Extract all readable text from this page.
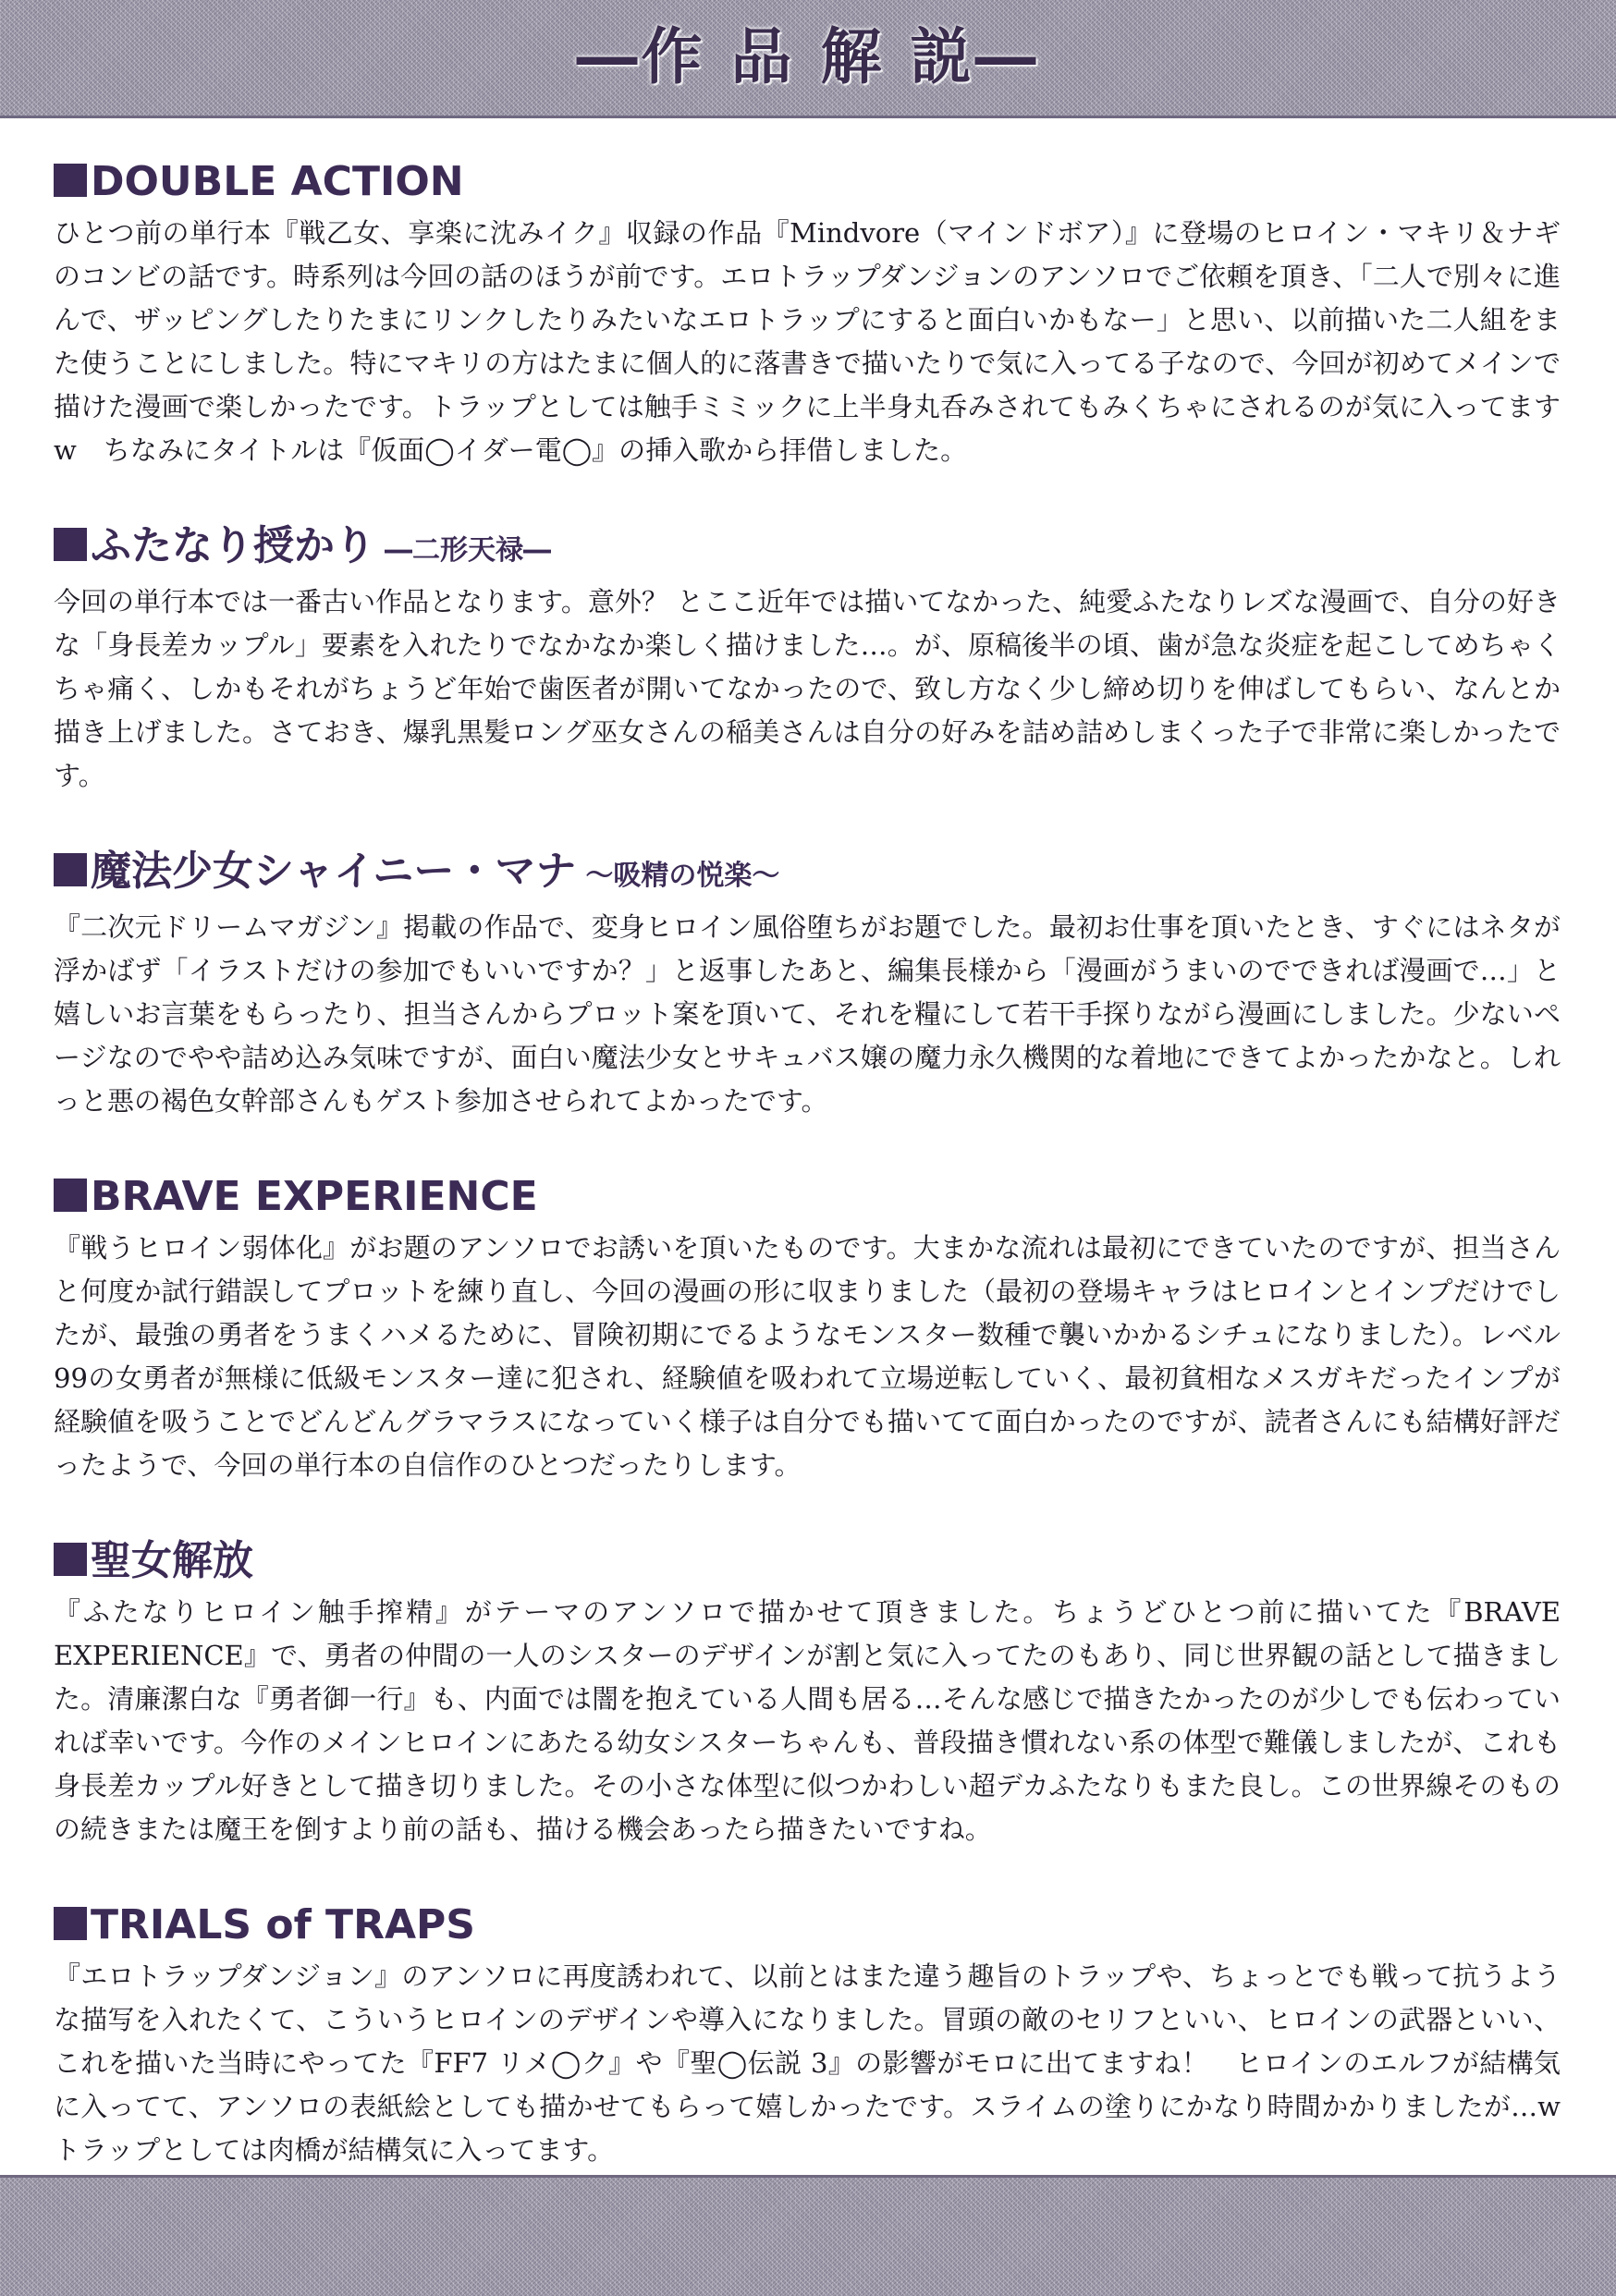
―作 品 解 説―
DOUBLE ACTION

ひとつ前の単行本『戦乙女、享楽に沈みイク』収録の作品『Mindvore（マインドボア）』に登場のヒロイン・マキリ＆ナギのコンビの話です。時系列は今回の話のほうが前です。エロトラップダンジョンのアンソロでご依頼を頂き、「二人で別々に進んで、ザッピングしたりたまにリンクしたりみたいなエロトラップにすると面白いかもなー」と思い、以前描いた二人組をまた使うことにしました。特にマキリの方はたまに個人的に落書きで描いたりで気に入ってる子なので、今回が初めてメインで描けた漫画で楽しかったです。トラップとしては触手ミミックに上半身丸呑みされてもみくちゃにされるのが気に入ってますw　ちなみにタイトルは『仮面◯イダー電◯』の挿入歌から拝借しました。

ふたなり授かり ―二形天禄―

今回の単行本では一番古い作品となります。意外？ とここ近年では描いてなかった、純愛ふたなりレズな漫画で、自分の好きな「身長差カップル」要素を入れたりでなかなか楽しく描けました…。が、原稿後半の頃、歯が急な炎症を起こしてめちゃくちゃ痛く、しかもそれがちょうど年始で歯医者が開いてなかったので、致し方なく少し締め切りを伸ばしてもらい、なんとか描き上げました。さておき、爆乳黒髪ロング巫女さんの稲美さんは自分の好みを詰め詰めしまくった子で非常に楽しかったです。

魔法少女シャイニー・マナ ～吸精の悦楽～

『二次元ドリームマガジン』掲載の作品で、変身ヒロイン風俗堕ちがお題でした。最初お仕事を頂いたとき、すぐにはネタが浮かばず「イラストだけの参加でもいいですか？」と返事したあと、編集長様から「漫画がうまいのでできれば漫画で…」と嬉しいお言葉をもらったり、担当さんからプロット案を頂いて、それを糧にして若干手探りながら漫画にしました。少ないページなのでやや詰め込み気味ですが、面白い魔法少女とサキュバス嬢の魔力永久機関的な着地にできてよかったかなと。しれっと悪の褐色女幹部さんもゲスト参加させられてよかったです。

BRAVE EXPERIENCE

『戦うヒロイン弱体化』がお題のアンソロでお誘いを頂いたものです。大まかな流れは最初にできていたのですが、担当さんと何度か試行錯誤してプロットを練り直し、今回の漫画の形に収まりました（最初の登場キャラはヒロインとインプだけでしたが、最強の勇者をうまくハメるために、冒険初期にでるようなモンスター数種で襲いかかるシチュになりました）。レベル99の女勇者が無様に低級モンスター達に犯され、経験値を吸われて立場逆転していく、最初貧相なメスガキだったインプが経験値を吸うことでどんどんグラマラスになっていく様子は自分でも描いてて面白かったのですが、読者さんにも結構好評だったようで、今回の単行本の自信作のひとつだったりします。

聖女解放

『ふたなりヒロイン触手搾精』がテーマのアンソロで描かせて頂きました。ちょうどひとつ前に描いてた『BRAVE EXPERIENCE』で、勇者の仲間の一人のシスターのデザインが割と気に入ってたのもあり、同じ世界観の話として描きました。清廉潔白な『勇者御一行』も、内面では闇を抱えている人間も居る…そんな感じで描きたかったのが少しでも伝わっていれば幸いです。今作のメインヒロインにあたる幼女シスターちゃんも、普段描き慣れない系の体型で難儀しましたが、これも身長差カップル好きとして描き切りました。その小さな体型に似つかわしい超デカふたなりもまた良し。この世界線そのものの続きまたは魔王を倒すより前の話も、描ける機会あったら描きたいですね。

TRIALS of TRAPS

『エロトラップダンジョン』のアンソロに再度誘われて、以前とはまた違う趣旨のトラップや、ちょっとでも戦って抗うような描写を入れたくて、こういうヒロインのデザインや導入になりました。冒頭の敵のセリフといい、ヒロインの武器といい、これを描いた当時にやってた『FF7 リメ◯ク』や『聖◯伝説 3』の影響がモロに出てますね！　ヒロインのエルフが結構気に入ってて、アンソロの表紙絵としても描かせてもらって嬉しかったです。スライムの塗りにかなり時間かかりましたが…w　トラップとしては肉橋が結構気に入ってます。
